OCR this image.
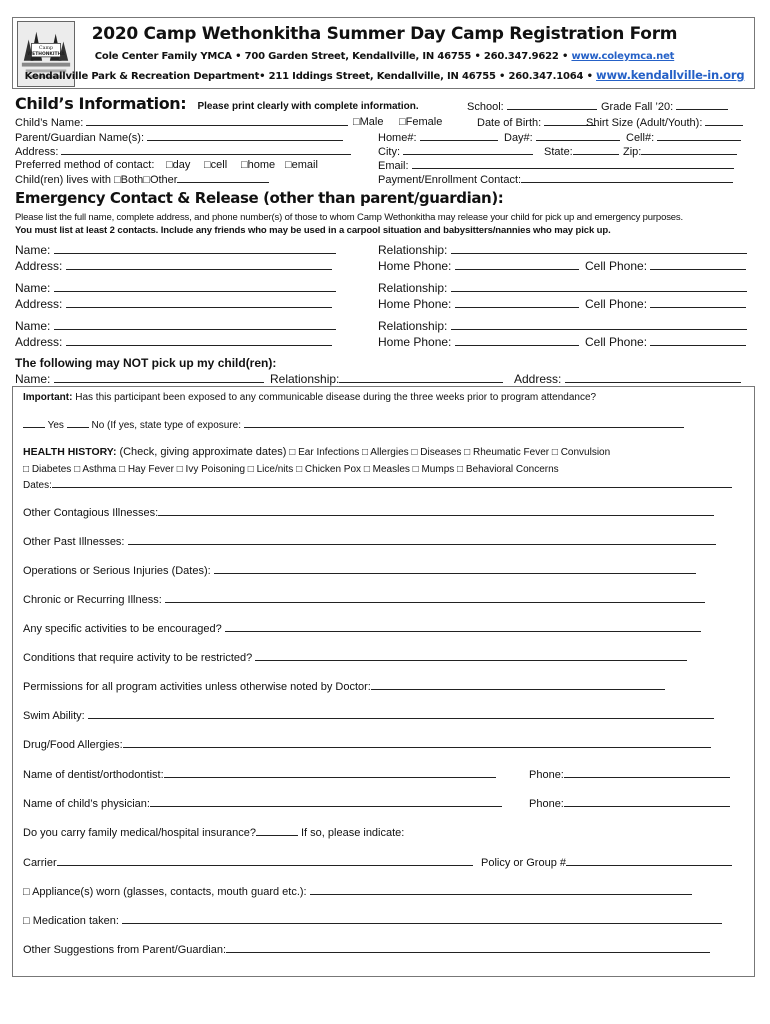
Camp
WETHONKITHA
2020 Camp Wethonkitha Summer Day Camp Registration Form
Cole Center Family YMCA • 700 Garden Street, Kendallville, IN 46755 • 260.347.9622 • www.coleymca.net
Kendallville Park & Recreation Department• 211 Iddings Street, Kendallville, IN 46755 • 260.347.1064 • www.kendallville-in.org
Child’s Information: Please print clearly with complete information.	School:	Grade Fall ’20:
Child’s Name:	□Male □Female	Date of Birth:	Shirt Size (Adult/Youth):
Parent/Guardian Name(s):	Home#:	Day#:	Cell#:
Address:	City:	State:	Zip:
Preferred method of contact: □day □cell □home □email	Email:
Child(ren) lives with □Both□Other	Payment/Enrollment Contact:
Emergency Contact & Release (other than parent/guardian):
Please list the full name, complete address, and phone number(s) of those to whom Camp Wethonkitha may release your child for pick up and emergency purposes.
You must list at least 2 contacts. Include any friends who may be used in a carpool situation and babysitters/nannies who may pick up.
Name:	Relationship:
Address:	Home Phone:	Cell Phone:
Name:	Relationship:
Address:	Home Phone:	Cell Phone:
Name:	Relationship:
Address:	Home Phone:	Cell Phone:
The following may NOT pick up my child(ren):
Name:	Relationship:	Address:
Important: Has this participant been exposed to any communicable disease during the three weeks prior to program attendance?
Yes	No (If yes, state type of exposure:
HEALTH HISTORY: (Check, giving approximate dates) □ Ear Infections □ Allergies □ Diseases □ Rheumatic Fever □ Convulsion
□ Diabetes □ Asthma □ Hay Fever □ Ivy Poisoning □ Lice/nits □ Chicken Pox □ Measles □ Mumps □ Behavioral Concerns
Dates:
Other Contagious Illnesses:
Other Past Illnesses:
Operations or Serious Injuries (Dates):
Chronic or Recurring Illness:
Any specific activities to be encouraged?
Conditions that require activity to be restricted?
Permissions for all program activities unless otherwise noted by Doctor:
Swim Ability:
Drug/Food Allergies:
Name of dentist/orthodontist:	Phone:
Name of child’s physician:	Phone:
Do you carry family medical/hospital insurance?	If so, please indicate:
Carrier	Policy or Group #
□ Appliance(s) worn (glasses, contacts, mouth guard etc.):
□ Medication taken:
Other Suggestions from Parent/Guardian:
